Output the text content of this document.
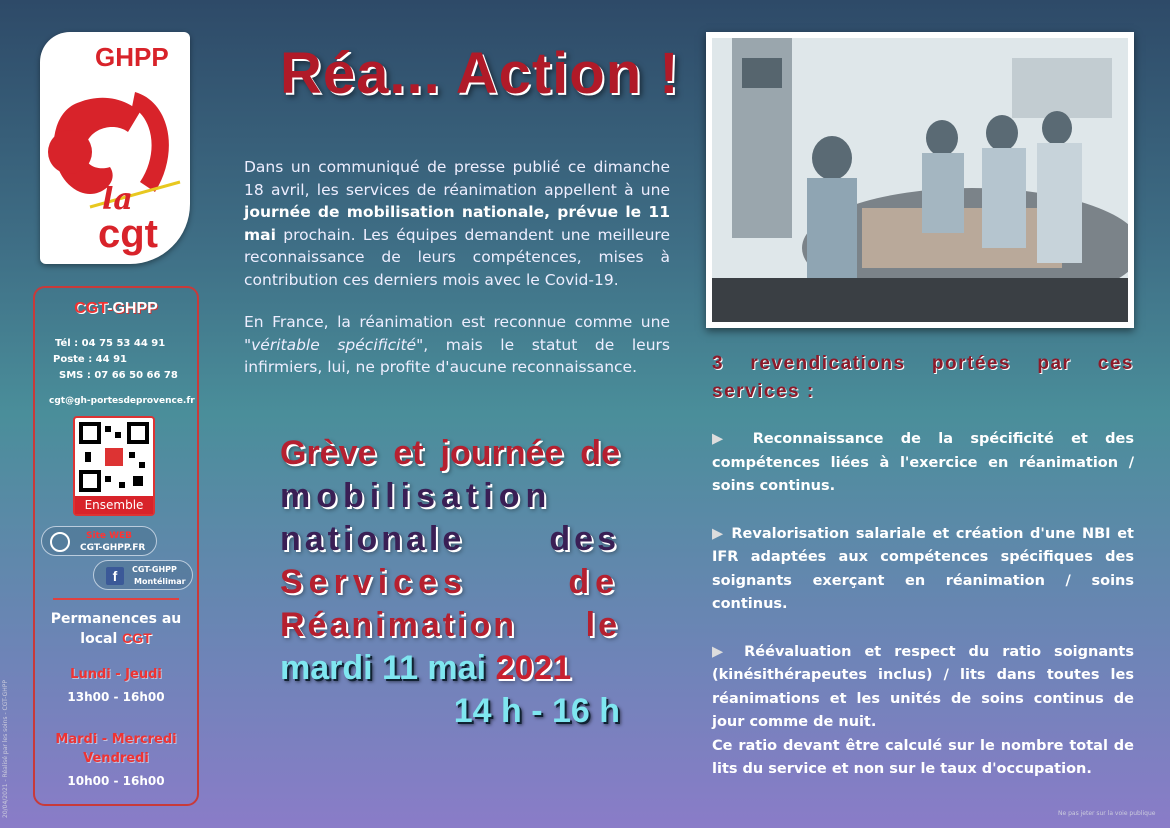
GHPP
la
cgt
CGT-GHPP
Tél : 04 75 53 44 91
Poste : 44 91
SMS : 07 66 50 66 78
cgt@gh-portesdeprovence.fr
Ensemble
Site WEB
CGT-GHPP.FR
f	CGT-GHPP
Montélimar
Permanences au
local CGT
Lundi - Jeudi
13h00 - 16h00
Mardi - Mercredi
Vendredi
10h00 - 16h00
Réa... Action !
Dans un communiqué de presse publié ce dimanche 18 avril, les services de réanimation appellent à une journée de mobilisation nationale, prévue le 11 mai prochain. Les équipes demandent une meilleure reconnaissance de leurs compétences, mises à contribution ces derniers mois avec le Covid-19.
En France, la réanimation est reconnue comme une "véritable spécificité", mais le statut de leurs infirmiers, lui, ne profite d'aucune reconnaissance.
Grève et journée de
mobilisation
nationale des
Services de
Réanimation le
mardi 11 mai 2021
14 h - 16 h
3 revendications portées par ces services :
▶ Reconnaissance de la spécificité et des compétences liées à l'exercice en réanimation / soins continus.
▶ Revalorisation salariale et création d'une NBI et IFR adaptées aux compétences spécifiques des soignants exerçant en réanimation / soins continus.
▶ Réévaluation et respect du ratio soignants (kinésithérapeutes inclus) / lits dans toutes les réanimations et les unités de soins continus de jour comme de nuit.
Ce ratio devant être calculé sur le nombre total de lits du service et non sur le taux d'occupation.
Ne pas jeter sur la voie publique
20/04/2021 - Réalisé par les soins - CGT-GHPP
